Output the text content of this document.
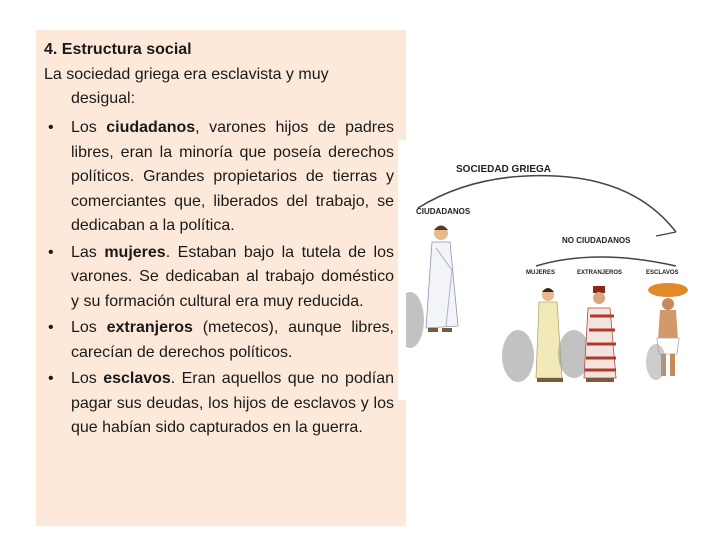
4. Estructura social
La sociedad griega era esclavista y muy
desigual:
• Los ciudadanos, varones hijos de padres libres, eran la minoría que poseía derechos políticos. Grandes propietarios de tierras y comerciantes que, liberados del trabajo, se dedicaban a la política.
• Las mujeres. Estaban bajo la tutela de los varones. Se dedicaban al trabajo doméstico y su formación cultural era muy reducida.
• Los extranjeros (metecos), aunque libres, carecían de derechos políticos.
• Los esclavos. Eran aquellos que no podían pagar sus deudas, los hijos de esclavos y los que habían sido capturados en la guerra.
SOCIEDAD GRIEGA
CIUDADANOS
NO CIUDADANOS
MUJERES	EXTRANJEROS	ESCLAVOS
